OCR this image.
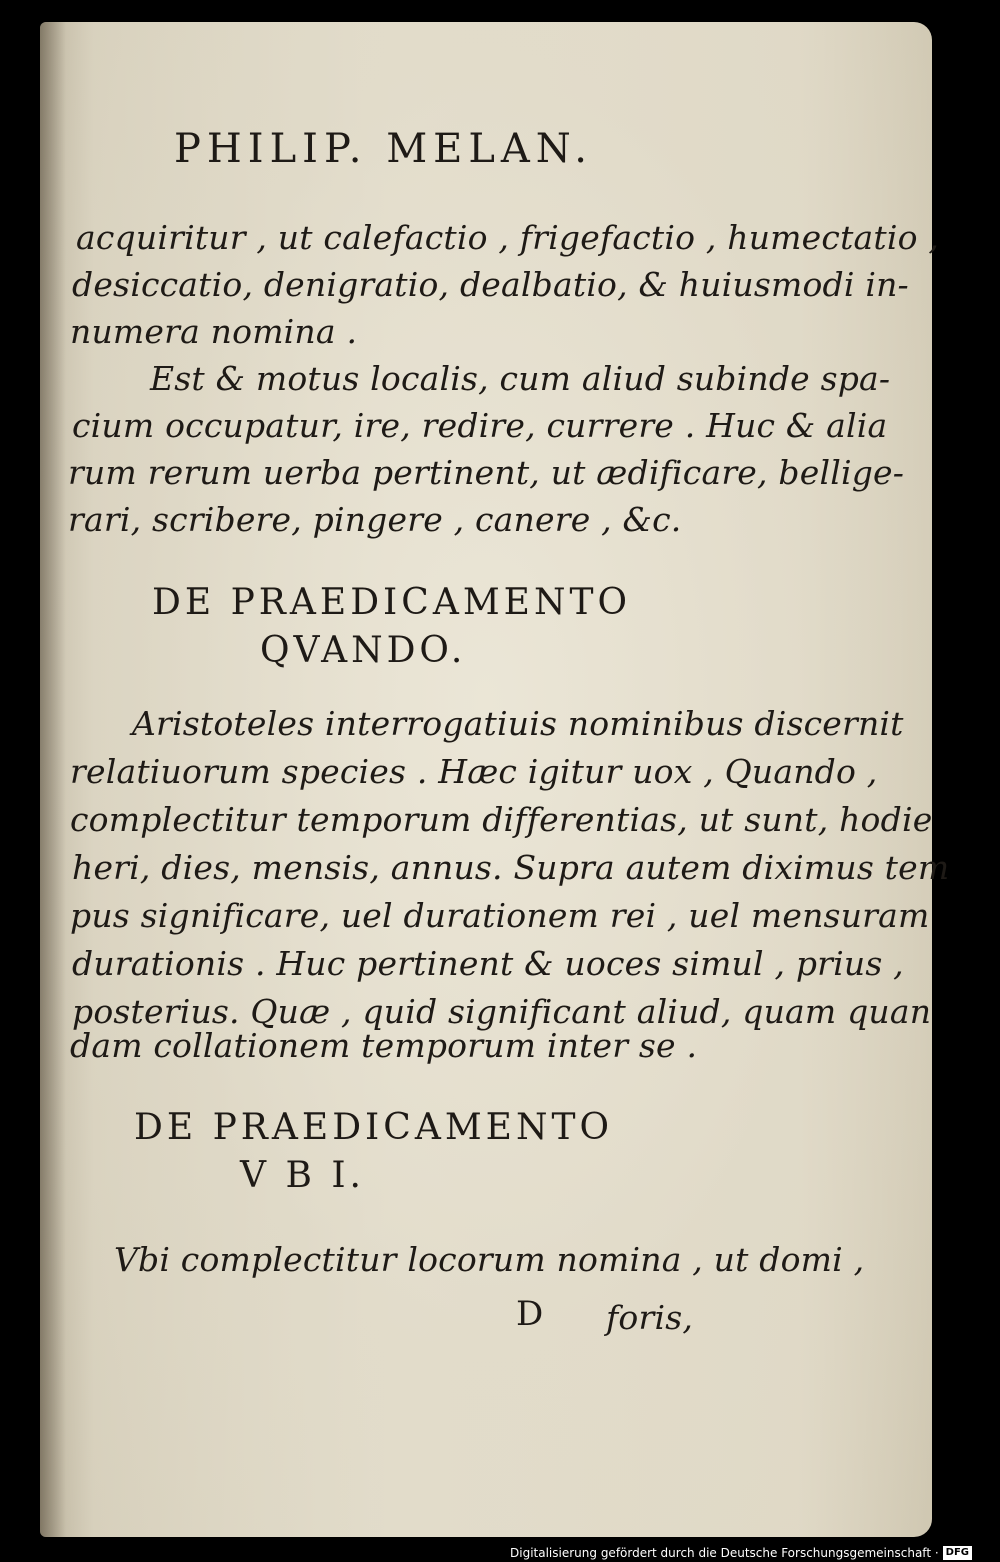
PHILIP. MELAN.
acquiritur , ut calefactio , frigefactio , humectatio ,
desiccatio, denigratio, dealbatio, & huiusmodi in-
numera nomina .
Est & motus localis, cum aliud subinde spa-
cium occupatur, ire, redire, currere . Huc & alia
rum rerum uerba pertinent, ut ædificare, bellige-
rari, scribere, pingere , canere , &c.
DE PRAEDICAMENTO
QVANDO.
Aristoteles interrogatiuis nominibus discernit
relatiuorum species . Hæc igitur uox , Quando ,
complectitur temporum differentias, ut sunt, hodie
heri, dies, mensis, annus. Supra autem diximus tem
pus significare, uel durationem rei , uel mensuram
durationis . Huc pertinent & uoces simul , prius ,
posterius. Quæ , quid significant aliud, quam quan
dam collationem temporum inter se .
DE PRAEDICAMENTO
V B I.
Vbi complectitur locorum nomina , ut domi ,
D foris,
Digitalisierung gefördert durch die Deutsche Forschungsgemeinschaft · DFG
